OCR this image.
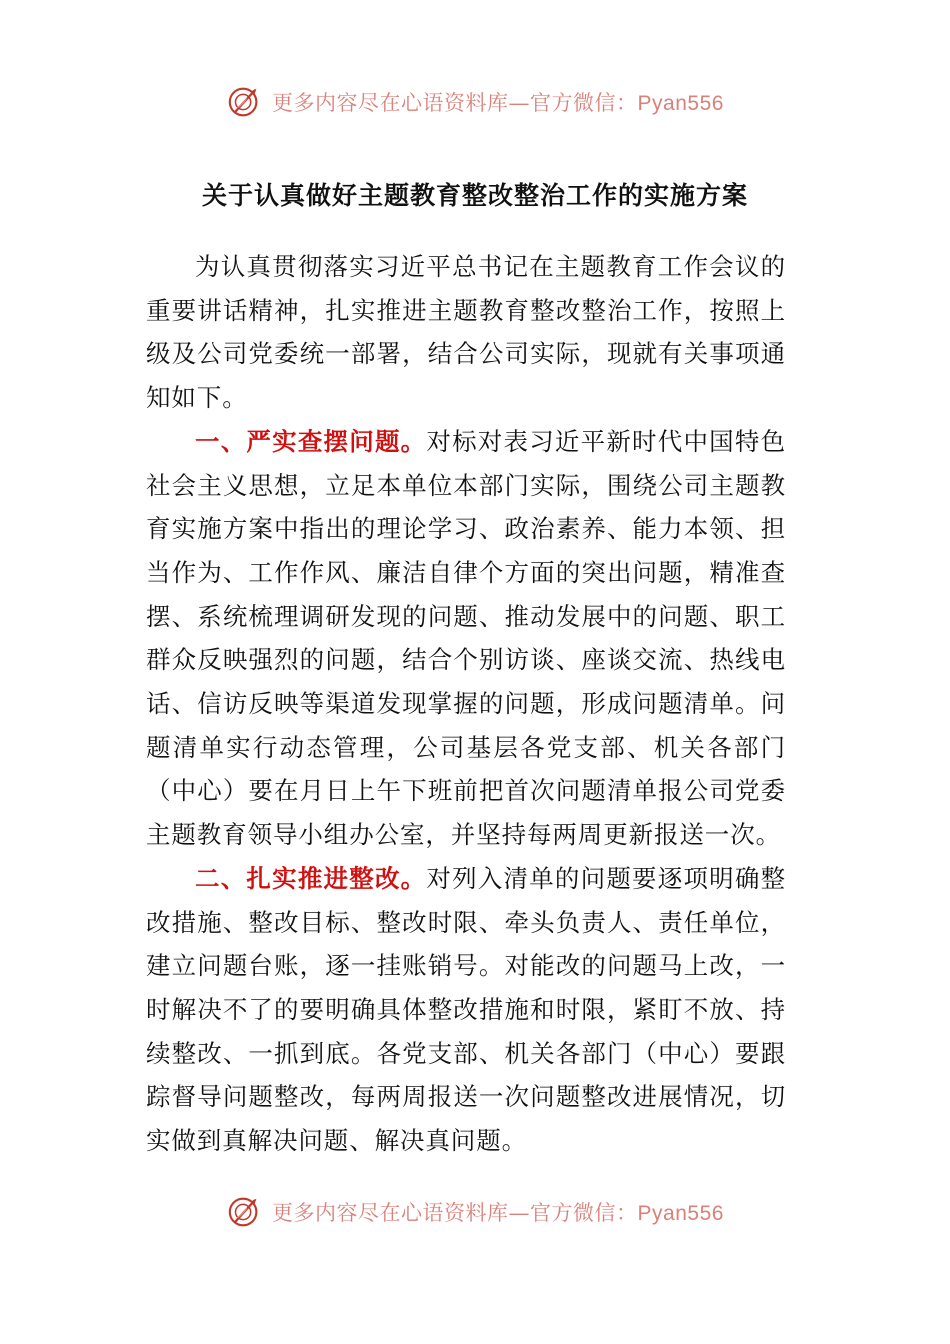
更多内容尽在心语资料库—官方微信：Pyan556
关于认真做好主题教育整改整治工作的实施方案

为认真贯彻落实习近平总书记在主题教育工作会议的重要讲话精神，扎实推进主题教育整改整治工作，按照上级及公司党委统一部署，结合公司实际，现就有关事项通知如下。

一、严实查摆问题。对标对表习近平新时代中国特色社会主义思想，立足本单位本部门实际，围绕公司主题教育实施方案中指出的理论学习、政治素养、能力本领、担当作为、工作作风、廉洁自律个方面的突出问题，精准查摆、系统梳理调研发现的问题、推动发展中的问题、职工群众反映强烈的问题，结合个别访谈、座谈交流、热线电话、信访反映等渠道发现掌握的问题，形成问题清单。问题清单实行动态管理，公司基层各党支部、机关各部门（中心）要在月日上午下班前把首次问题清单报公司党委主题教育领导小组办公室，并坚持每两周更新报送一次。

二、扎实推进整改。对列入清单的问题要逐项明确整改措施、整改目标、整改时限、牵头负责人、责任单位，建立问题台账，逐一挂账销号。对能改的问题马上改，一时解决不了的要明确具体整改措施和时限，紧盯不放、持续整改、一抓到底。各党支部、机关各部门（中心）要跟踪督导问题整改，每两周报送一次问题整改进展情况，切实做到真解决问题、解决真问题。

更多内容尽在心语资料库—官方微信：Pyan556
